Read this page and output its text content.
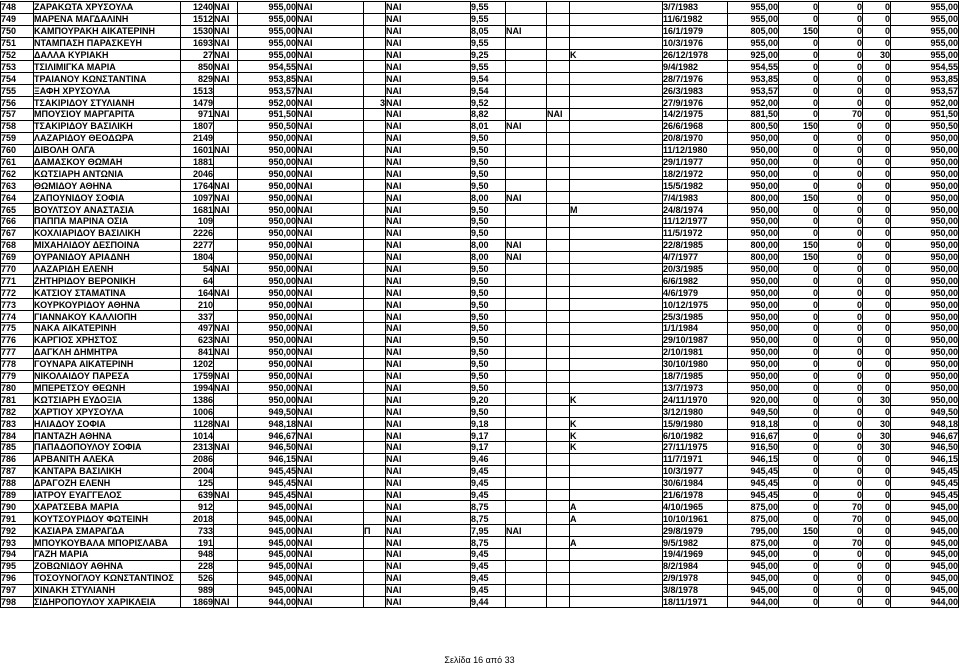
748	ΖΑΡΑΚΩΤΑ ΧΡΥΣΟΥΛΑ	1240	ΝΑΙ	955,00	ΝΑΙ		ΝΑΙ	9,55				3/7/1983	955,00	0	0	0	955,00
749	ΜΑΡΕΝΑ ΜΑΓΔΑΛΙΝΗ	1512	ΝΑΙ	955,00	ΝΑΙ		ΝΑΙ	9,55				11/6/1982	955,00	0	0	0	955,00
750	ΚΑΜΠΟΥΡΑΚΗ ΑΙΚΑΤΕΡΙΝΗ	1530	ΝΑΙ	955,00	ΝΑΙ		ΝΑΙ	8,05	ΝΑΙ			16/1/1979	805,00	150	0	0	955,00
751	ΝΤΑΜΠΑΣΗ ΠΑΡΑΣΚΕΥΗ	1693	ΝΑΙ	955,00	ΝΑΙ		ΝΑΙ	9,55				10/3/1976	955,00	0	0	0	955,00
752	ΔΑΛΛΑ ΚΥΡΙΑΚΗ	27	ΝΑΙ	955,00	ΝΑΙ		ΝΑΙ	9,25			Κ	26/12/1978	925,00	0	0	30	955,00
753	ΤΣΙΛΙΜΙΓΚΑ ΜΑΡΙΑ	850	ΝΑΙ	954,55	ΝΑΙ		ΝΑΙ	9,55				9/4/1982	954,55	0	0	0	954,55
754	ΤΡΑΙΑΝΟΥ ΚΩΝΣΤΑΝΤΙΝΑ	829	ΝΑΙ	953,85	ΝΑΙ		ΝΑΙ	9,54				28/7/1976	953,85	0	0	0	953,85
755	ΞΑΦΗ ΧΡΥΣΟΥΛΑ	1513		953,57	ΝΑΙ		ΝΑΙ	9,54				26/3/1983	953,57	0	0	0	953,57
756	ΤΣΑΚΙΡΙΔΟΥ ΣΤΥΛΙΑΝΗ	1479		952,00	ΝΑΙ	3	ΝΑΙ	9,52				27/9/1976	952,00	0	0	0	952,00
757	ΜΠΟΥΣΙΟΥ ΜΑΡΓΑΡΙΤΑ	971	ΝΑΙ	951,50	ΝΑΙ		ΝΑΙ	8,82		ΝΑΙ		14/2/1975	881,50	0	70	0	951,50
758	ΤΣΑΚΙΡΙΔΟΥ ΒΑΣΙΛΙΚΗ	1807		950,50	ΝΑΙ		ΝΑΙ	8,01	ΝΑΙ			26/6/1968	800,50	150	0	0	950,50
759	ΛΑΖΑΡΙΔΟΥ ΘΕΟΔΩΡΑ	2149		950,00	ΝΑΙ		ΝΑΙ	9,50				20/8/1970	950,00	0	0	0	950,00
760	ΔΙΒΟΛΗ ΟΛΓΑ	1601	ΝΑΙ	950,00	ΝΑΙ		ΝΑΙ	9,50				11/12/1980	950,00	0	0	0	950,00
761	ΔΑΜΑΣΚΟΥ ΘΩΜΑΗ	1881		950,00	ΝΑΙ		ΝΑΙ	9,50				29/1/1977	950,00	0	0	0	950,00
762	ΚΩΤΣΙΑΡΗ ΑΝΤΩΝΙΑ	2046		950,00	ΝΑΙ		ΝΑΙ	9,50				18/2/1972	950,00	0	0	0	950,00
763	ΘΩΜΙΔΟΥ ΑΘΗΝΑ	1764	ΝΑΙ	950,00	ΝΑΙ		ΝΑΙ	9,50				15/5/1982	950,00	0	0	0	950,00
764	ΖΑΠΟΥΝΙΔΟΥ ΣΟΦΙΑ	1097	ΝΑΙ	950,00	ΝΑΙ		ΝΑΙ	8,00	ΝΑΙ			7/4/1983	800,00	150	0	0	950,00
765	ΒΟΥΛΤΣΟΥ ΑΝΑΣΤΑΣΙΑ	1681	ΝΑΙ	950,00	ΝΑΙ		ΝΑΙ	9,50			Μ	24/8/1974	950,00	0	0	0	950,00
766	ΠΑΠΠΑ ΜΑΡΙΝΑ ΟΣΙΑ	109		950,00	ΝΑΙ		ΝΑΙ	9,50				11/12/1977	950,00	0	0	0	950,00
767	ΚΟΧΛΙΑΡΙΔΟΥ ΒΑΣΙΛΙΚΗ	2226		950,00	ΝΑΙ		ΝΑΙ	9,50				11/5/1972	950,00	0	0	0	950,00
768	ΜΙΧΑΗΛΙΔΟΥ ΔΕΣΠΟΙΝΑ	2277		950,00	ΝΑΙ		ΝΑΙ	8,00	ΝΑΙ			22/8/1985	800,00	150	0	0	950,00
769	ΟΥΡΑΝΙΔΟΥ ΑΡΙΑΔΝΗ	1804		950,00	ΝΑΙ		ΝΑΙ	8,00	ΝΑΙ			4/7/1977	800,00	150	0	0	950,00
770	ΛΑΖΑΡΙΔΗ ΕΛΕΝΗ	54	ΝΑΙ	950,00	ΝΑΙ		ΝΑΙ	9,50				20/3/1985	950,00	0	0	0	950,00
771	ΖΗΤΗΡΙΔΟΥ ΒΕΡΟΝΙΚΗ	64		950,00	ΝΑΙ		ΝΑΙ	9,50				6/6/1982	950,00	0	0	0	950,00
772	ΚΑΤΣΙΟΥ ΣΤΑΜΑΤΙΝΑ	164	ΝΑΙ	950,00	ΝΑΙ		ΝΑΙ	9,50				4/6/1979	950,00	0	0	0	950,00
773	ΚΟΥΡΚΟΥΡΙΔΟΥ ΑΘΗΝΑ	210		950,00	ΝΑΙ		ΝΑΙ	9,50				10/12/1975	950,00	0	0	0	950,00
774	ΓΙΑΝΝΑΚΟΥ ΚΑΛΛΙΟΠΗ	337		950,00	ΝΑΙ		ΝΑΙ	9,50				25/3/1985	950,00	0	0	0	950,00
775	ΝΑΚΑ ΑΙΚΑΤΕΡΙΝΗ	497	ΝΑΙ	950,00	ΝΑΙ		ΝΑΙ	9,50				1/1/1984	950,00	0	0	0	950,00
776	ΚΑΡΓΙΟΣ ΧΡΗΣΤΟΣ	623	ΝΑΙ	950,00	ΝΑΙ		ΝΑΙ	9,50				29/10/1987	950,00	0	0	0	950,00
777	ΔΑΓΚΛΗ ΔΗΜΗΤΡΑ	841	ΝΑΙ	950,00	ΝΑΙ		ΝΑΙ	9,50				2/10/1981	950,00	0	0	0	950,00
778	ΓΟΥΝΑΡΑ ΑΙΚΑΤΕΡΙΝΗ	1202		950,00	ΝΑΙ		ΝΑΙ	9,50				30/10/1980	950,00	0	0	0	950,00
779	ΝΙΚΟΛΑΙΔΟΥ ΠΑΡΕΣΑ	1759	ΝΑΙ	950,00	ΝΑΙ		ΝΑΙ	9,50				18/7/1985	950,00	0	0	0	950,00
780	ΜΠΕΡΕΤΣΟΥ ΘΕΩΝΗ	1994	ΝΑΙ	950,00	ΝΑΙ		ΝΑΙ	9,50				13/7/1973	950,00	0	0	0	950,00
781	ΚΩΤΣΙΑΡΗ ΕΥΔΟΞΙΑ	1386		950,00	ΝΑΙ		ΝΑΙ	9,20			Κ	24/11/1970	920,00	0	0	30	950,00
782	ΧΑΡΤΙΟΥ ΧΡΥΣΟΥΛΑ	1006		949,50	ΝΑΙ		ΝΑΙ	9,50				3/12/1980	949,50	0	0	0	949,50
783	ΗΛΙΑΔΟΥ ΣΟΦΙΑ	1128	ΝΑΙ	948,18	ΝΑΙ		ΝΑΙ	9,18			Κ	15/9/1980	918,18	0	0	30	948,18
784	ΠΑΝΤΑΖΗ ΑΘΗΝΑ	1014		946,67	ΝΑΙ		ΝΑΙ	9,17			Κ	6/10/1982	916,67	0	0	30	946,67
785	ΠΑΠΑΔΟΠΟΥΛΟΥ ΣΟΦΙΑ	2313	ΝΑΙ	946,50	ΝΑΙ		ΝΑΙ	9,17			Κ	27/11/1975	916,50	0	0	30	946,50
786	ΑΡΒΑΝΙΤΗ ΑΛΕΚΑ	2086		946,15	ΝΑΙ		ΝΑΙ	9,46				11/7/1971	946,15	0	0	0	946,15
787	ΚΑΝΤΑΡΑ ΒΑΣΙΛΙΚΗ	2004		945,45	ΝΑΙ		ΝΑΙ	9,45				10/3/1977	945,45	0	0	0	945,45
788	ΔΡΑΓΟΖΗ ΕΛΕΝΗ	125		945,45	ΝΑΙ		ΝΑΙ	9,45				30/6/1984	945,45	0	0	0	945,45
789	ΙΑΤΡΟΥ ΕΥΑΓΓΕΛΟΣ	639	ΝΑΙ	945,45	ΝΑΙ		ΝΑΙ	9,45				21/6/1978	945,45	0	0	0	945,45
790	ΧΑΡΑΤΣΕΒΑ ΜΑΡΙΑ	912		945,00	ΝΑΙ		ΝΑΙ	8,75			Α	4/10/1965	875,00	0	70	0	945,00
791	ΚΟΥΤΣΟΥΡΙΔΟΥ ΦΩΤΕΙΝΗ	2018		945,00	ΝΑΙ		ΝΑΙ	8,75			Α	10/10/1961	875,00	0	70	0	945,00
792	ΚΑΣΙΑΡΑ ΣΜΑΡΑΓΔΑ	733		945,00	ΝΑΙ	Π	ΝΑΙ	7,95	ΝΑΙ			29/8/1979	795,00	150	0	0	945,00
793	ΜΠΟΥΚΟΥΒΑΛΑ ΜΠΟΡΙΣΛΑΒΑ	191		945,00	ΝΑΙ		ΝΑΙ	8,75			Α	9/5/1982	875,00	0	70	0	945,00
794	ΓΑΖΗ ΜΑΡΙΑ	948		945,00	ΝΑΙ		ΝΑΙ	9,45				19/4/1969	945,00	0	0	0	945,00
795	ΖΟΒΩΝΙΔΟΥ ΑΘΗΝΑ	228		945,00	ΝΑΙ		ΝΑΙ	9,45				8/2/1984	945,00	0	0	0	945,00
796	ΤΟΣΟΥΝΟΓΛΟΥ ΚΩΝΣΤΑΝΤΙΝΟΣ	526		945,00	ΝΑΙ		ΝΑΙ	9,45				2/9/1978	945,00	0	0	0	945,00
797	ΧΙΝΑΚΗ ΣΤΥΛΙΑΝΗ	989		945,00	ΝΑΙ		ΝΑΙ	9,45				3/8/1978	945,00	0	0	0	945,00
798	ΣΙΔΗΡΟΠΟΥΛΟΥ ΧΑΡΙΚΛΕΙΑ	1869	ΝΑΙ	944,00	ΝΑΙ		ΝΑΙ	9,44				18/11/1971	944,00	0	0	0	944,00
Σελίδα 16 από 33
